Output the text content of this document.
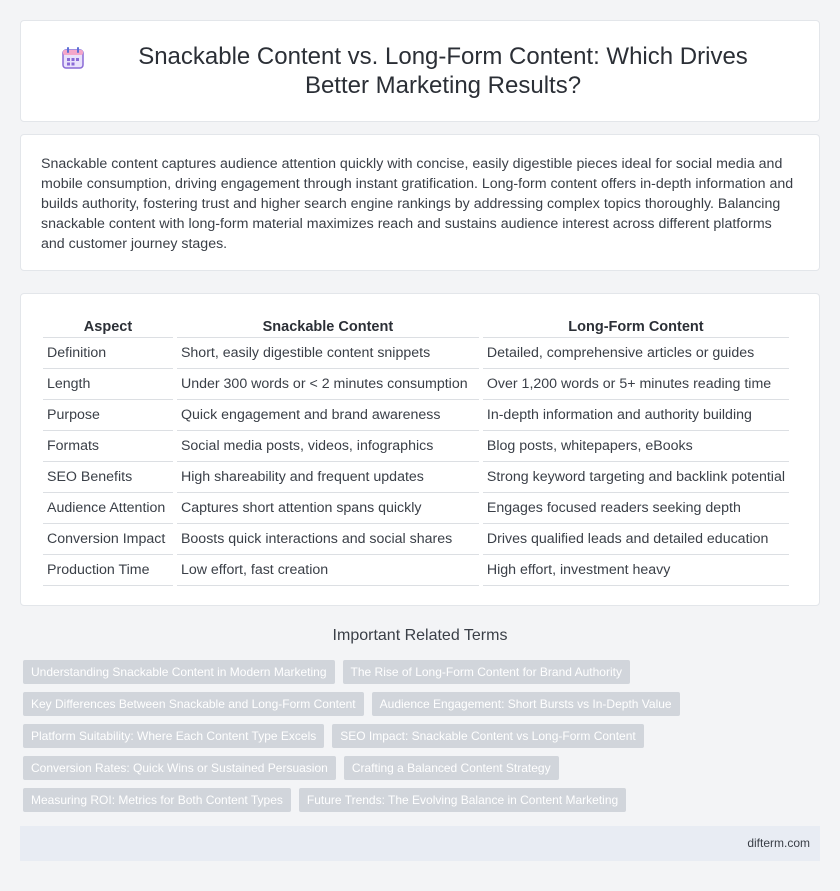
Snackable Content vs. Long-Form Content: Which Drives Better Marketing Results?

Snackable content captures audience attention quickly with concise, easily digestible pieces ideal for social media and mobile consumption, driving engagement through instant gratification. Long-form content offers in-depth information and builds authority, fostering trust and higher search engine rankings by addressing complex topics thoroughly. Balancing snackable content with long-form material maximizes reach and sustains audience interest across different platforms and customer journey stages.

Aspect	Snackable Content	Long-Form Content
Definition	Short, easily digestible content snippets	Detailed, comprehensive articles or guides
Length	Under 300 words or < 2 minutes consumption	Over 1,200 words or 5+ minutes reading time
Purpose	Quick engagement and brand awareness	In-depth information and authority building
Formats	Social media posts, videos, infographics	Blog posts, whitepapers, eBooks
SEO Benefits	High shareability and frequent updates	Strong keyword targeting and backlink potential
Audience Attention	Captures short attention spans quickly	Engages focused readers seeking depth
Conversion Impact	Boosts quick interactions and social shares	Drives qualified leads and detailed education
Production Time	Low effort, fast creation	High effort, investment heavy
Important Related Terms
Understanding Snackable Content in Modern Marketing	The Rise of Long-Form Content for Brand Authority
Key Differences Between Snackable and Long-Form Content	Audience Engagement: Short Bursts vs In-Depth Value
Platform Suitability: Where Each Content Type Excels	SEO Impact: Snackable Content vs Long-Form Content
Conversion Rates: Quick Wins or Sustained Persuasion	Crafting a Balanced Content Strategy
Measuring ROI: Metrics for Both Content Types	Future Trends: The Evolving Balance in Content Marketing
difterm.com
